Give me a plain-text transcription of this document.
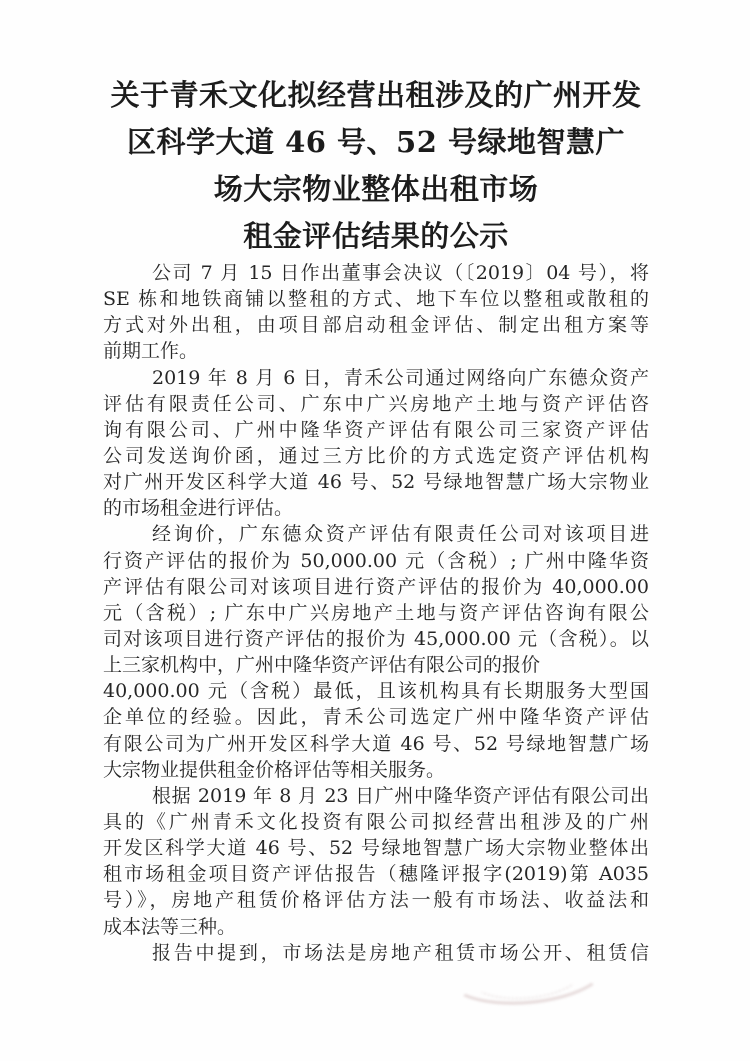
关于青禾文化拟经营出租涉及的广州开发
区科学大道 46 号、52 号绿地智慧广
场大宗物业整体出租市场
租金评估结果的公示
公司 7 月 15 日作出董事会决议（〔2019〕04 号），将
SE 栋和地铁商铺以整租的方式、地下车位以整租或散租的
方式对外出租，由项目部启动租金评估、制定出租方案等
前期工作。
2019 年 8 月 6 日，青禾公司通过网络向广东德众资产
评估有限责任公司、广东中广兴房地产土地与资产评估咨
询有限公司、广州中隆华资产评估有限公司三家资产评估
公司发送询价函，通过三方比价的方式选定资产评估机构
对广州开发区科学大道 46 号、52 号绿地智慧广场大宗物业
的市场租金进行评估。
经询价，广东德众资产评估有限责任公司对该项目进
行资产评估的报价为 50,000.00 元（含税）; 广州中隆华资
产评估有限公司对该项目进行资产评估的报价为 40,000.00
元（含税）; 广东中广兴房地产土地与资产评估咨询有限公
司对该项目进行资产评估的报价为 45,000.00 元（含税）。以
上三家机构中，广州中隆华资产评估有限公司的报价
40,000.00 元（含税）最低，且该机构具有长期服务大型国
企单位的经验。因此，青禾公司选定广州中隆华资产评估
有限公司为广州开发区科学大道 46 号、52 号绿地智慧广场
大宗物业提供租金价格评估等相关服务。
根据 2019 年 8 月 23 日广州中隆华资产评估有限公司出
具的《广州青禾文化投资有限公司拟经营出租涉及的广州
开发区科学大道 46 号、52 号绿地智慧广场大宗物业整体出
租市场租金项目资产评估报告（穗隆评报字(2019)第 A035
号）》，房地产租赁价格评估方法一般有市场法、收益法和
成本法等三种。
报告中提到，市场法是房地产租赁市场公开、租赁信
